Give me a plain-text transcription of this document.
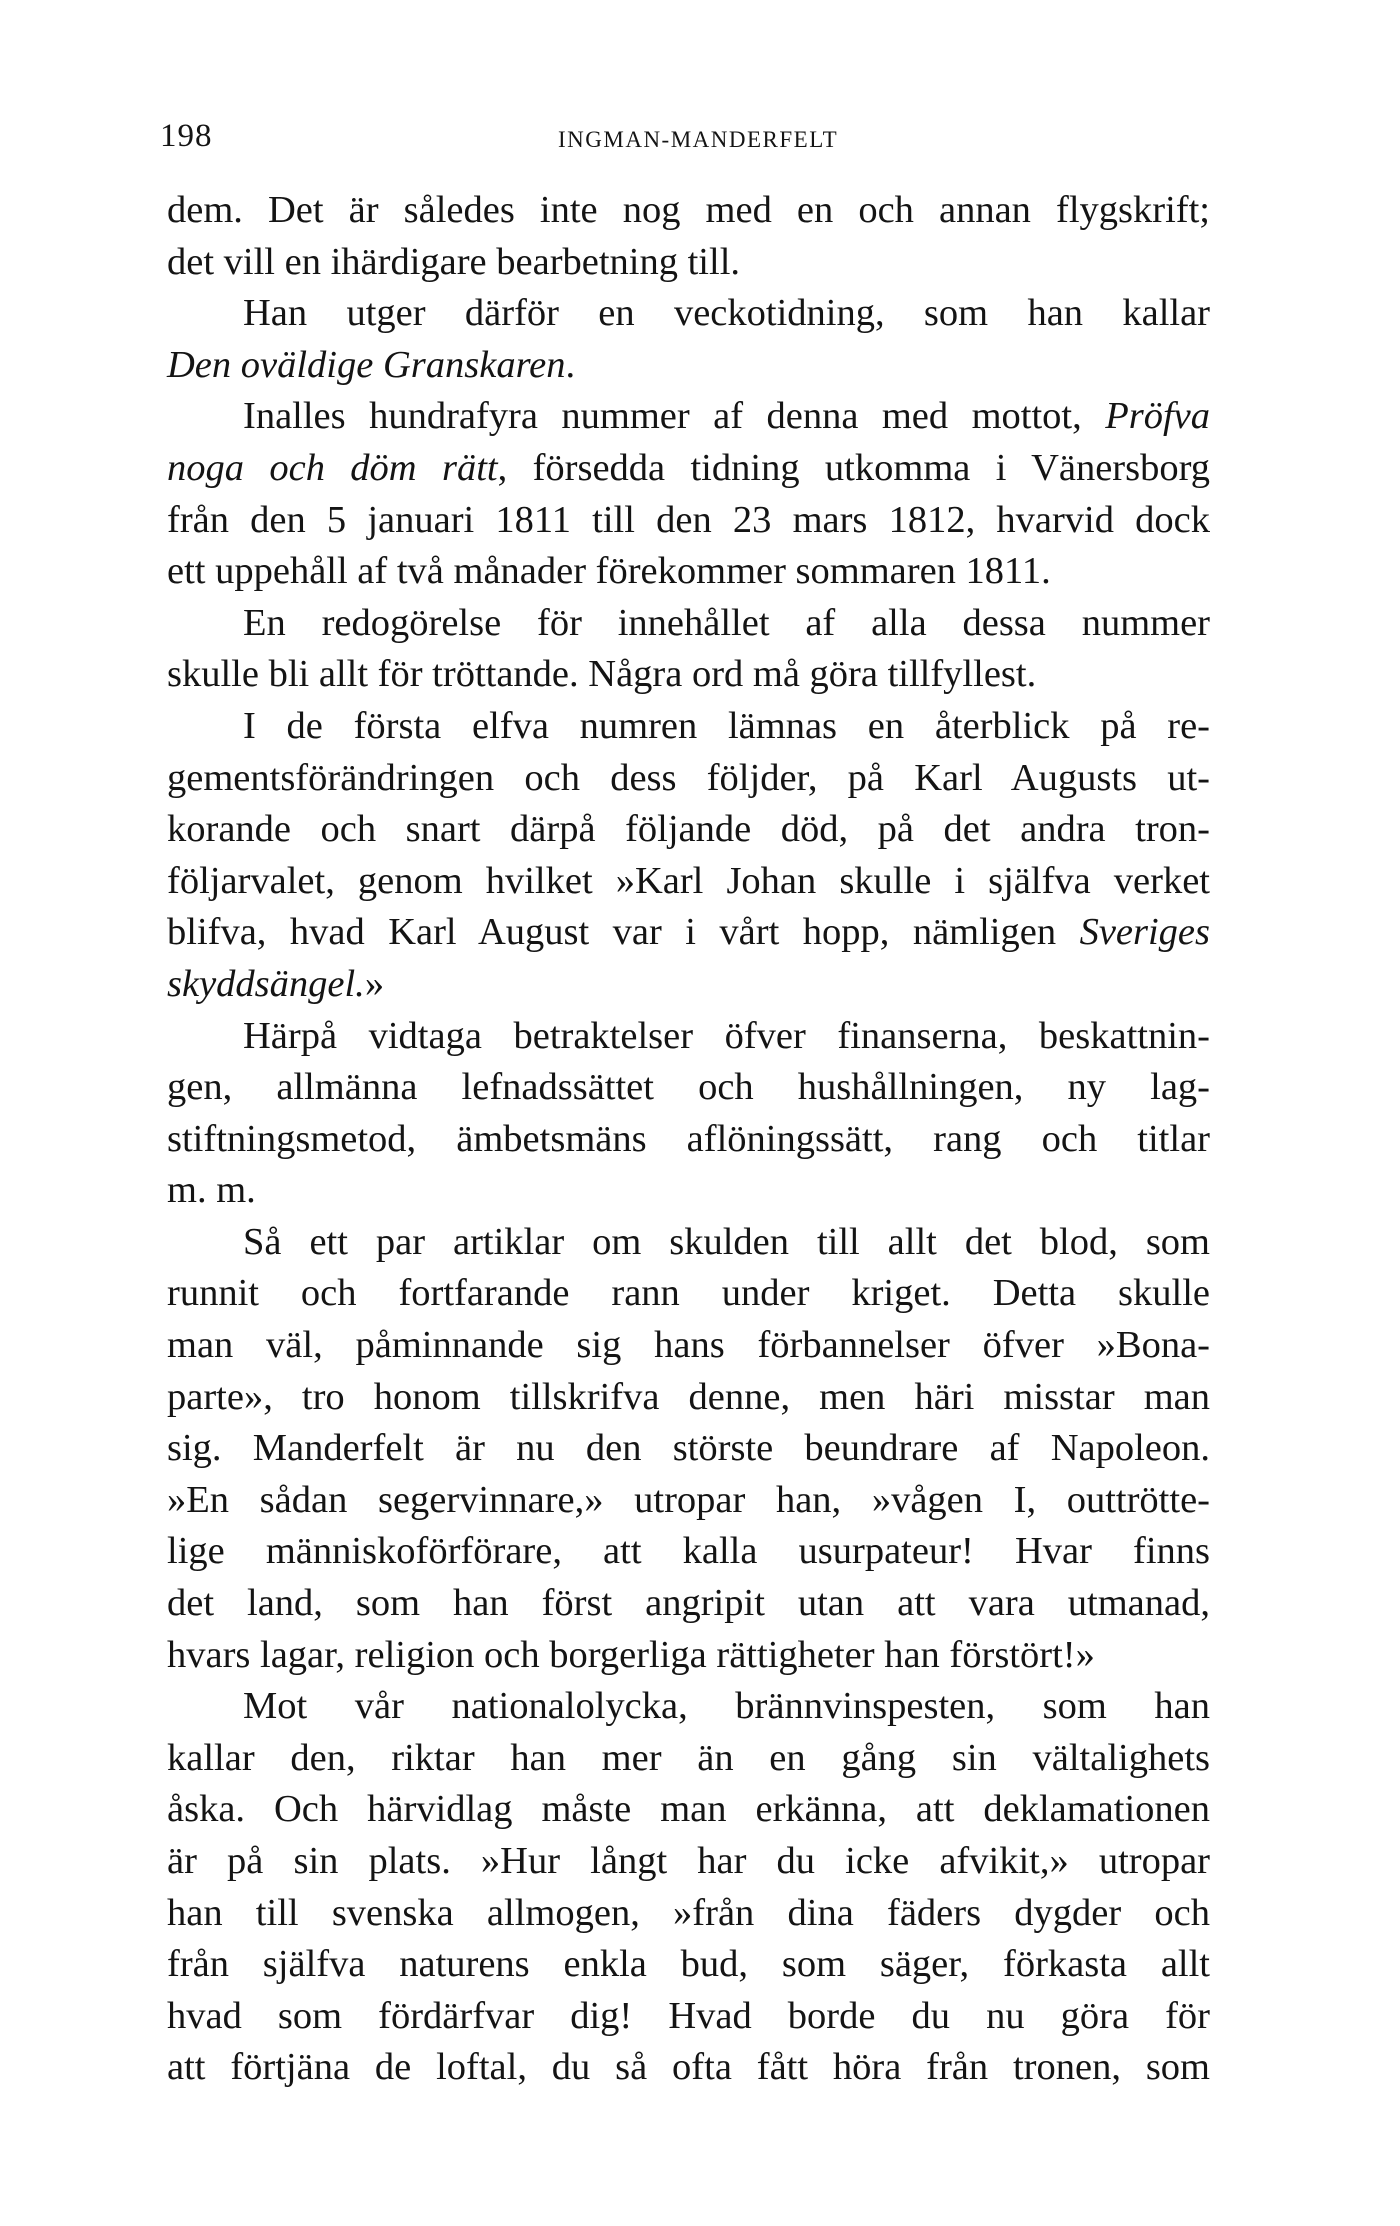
198	INGMAN-MANDERFELT

dem. Det är således inte nog med en och annan flygskrift;
det vill en ihärdigare bearbetning till.

Han utger därför en veckotidning, som han kallar
Den oväldige Granskaren.

Inalles hundrafyra nummer af denna med mottot, Pröfva
noga och döm rätt, försedda tidning utkomma i Vänersborg
från den 5 januari 1811 till den 23 mars 1812, hvarvid dock
ett uppehåll af två månader förekommer sommaren 1811.

En redogörelse för innehållet af alla dessa nummer
skulle bli allt för tröttande. Några ord må göra tillfyllest.

I de första elfva numren lämnas en återblick på re-
gementsförändringen och dess följder, på Karl Augusts ut-
korande och snart därpå följande död, på det andra tron-
följarvalet, genom hvilket »Karl Johan skulle i själfva verket
blifva, hvad Karl August var i vårt hopp, nämligen Sveriges
skyddsängel.»

Härpå vidtaga betraktelser öfver finanserna, beskattnin-
gen, allmänna lefnadssättet och hushållningen, ny lag-
stiftningsmetod, ämbetsmäns aflöningssätt, rang och titlar
m. m.

Så ett par artiklar om skulden till allt det blod, som
runnit och fortfarande rann under kriget. Detta skulle
man väl, påminnande sig hans förbannelser öfver »Bona-
parte», tro honom tillskrifva denne, men häri misstar man
sig. Manderfelt är nu den störste beundrare af Napoleon.
»En sådan segervinnare,» utropar han, »vågen I, outtrötte-
lige människoförförare, att kalla usurpateur! Hvar finns
det land, som han först angripit utan att vara utmanad,
hvars lagar, religion och borgerliga rättigheter han förstört!»

Mot vår nationalolycka, brännvinspesten, som han
kallar den, riktar han mer än en gång sin vältalighets
åska. Och härvidlag måste man erkänna, att deklamationen
är på sin plats. »Hur långt har du icke afvikit,» utropar
han till svenska allmogen, »från dina fäders dygder och
från själfva naturens enkla bud, som säger, förkasta allt
hvad som fördärfvar dig! Hvad borde du nu göra för
att förtjäna de loftal, du så ofta fått höra från tronen, som
